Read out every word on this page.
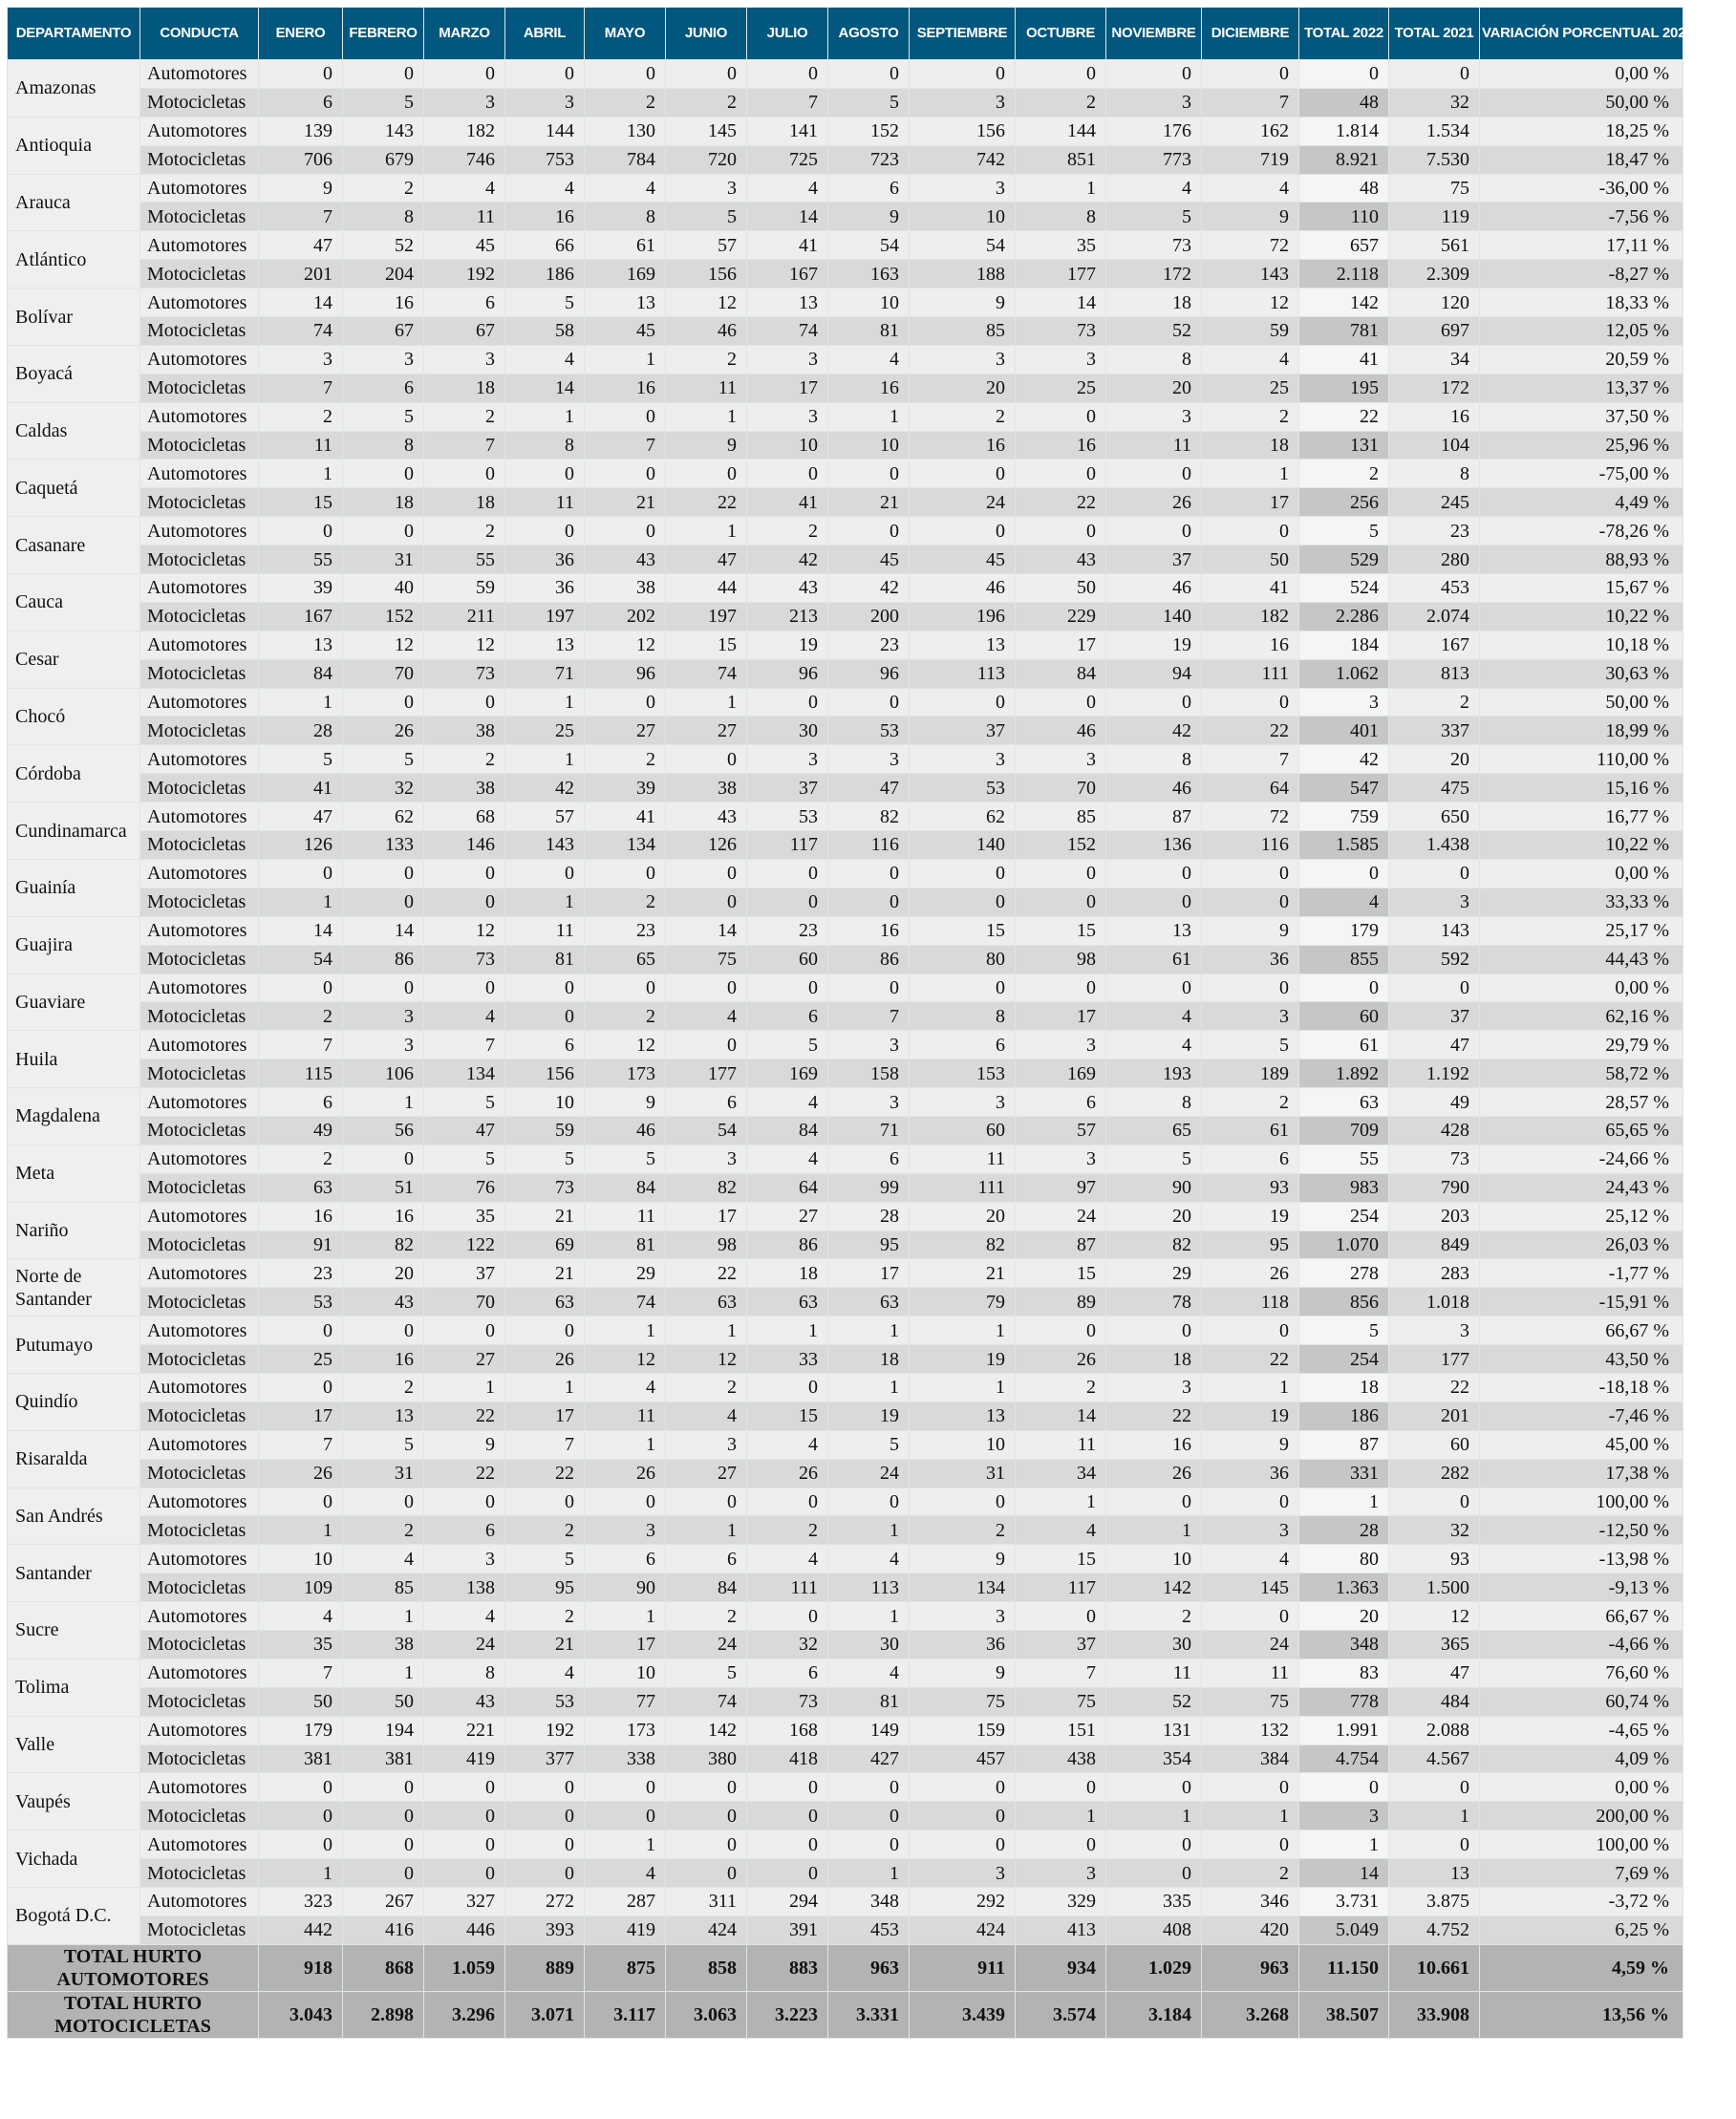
DEPARTAMENTO	CONDUCTA	ENERO	FEBRERO	MARZO	ABRIL	MAYO	JUNIO	JULIO	AGOSTO	SEPTIEMBRE	OCTUBRE	NOVIEMBRE	DICIEMBRE	TOTAL 2022	TOTAL 2021	VARIACIÓN PORCENTUAL 2022 - 2021
Amazonas	Automotores	0	0	0	0	0	0	0	0	0	0	0	0	0	0	0,00 %
	Motocicletas	6	5	3	3	2	2	7	5	3	2	3	7	48	32	50,00 %
Antioquia	Automotores	139	143	182	144	130	145	141	152	156	144	176	162	1.814	1.534	18,25 %
	Motocicletas	706	679	746	753	784	720	725	723	742	851	773	719	8.921	7.530	18,47 %
Arauca	Automotores	9	2	4	4	4	3	4	6	3	1	4	4	48	75	-36,00 %
	Motocicletas	7	8	11	16	8	5	14	9	10	8	5	9	110	119	-7,56 %
Atlántico	Automotores	47	52	45	66	61	57	41	54	54	35	73	72	657	561	17,11 %
	Motocicletas	201	204	192	186	169	156	167	163	188	177	172	143	2.118	2.309	-8,27 %
Bolívar	Automotores	14	16	6	5	13	12	13	10	9	14	18	12	142	120	18,33 %
	Motocicletas	74	67	67	58	45	46	74	81	85	73	52	59	781	697	12,05 %
Boyacá	Automotores	3	3	3	4	1	2	3	4	3	3	8	4	41	34	20,59 %
	Motocicletas	7	6	18	14	16	11	17	16	20	25	20	25	195	172	13,37 %
Caldas	Automotores	2	5	2	1	0	1	3	1	2	0	3	2	22	16	37,50 %
	Motocicletas	11	8	7	8	7	9	10	10	16	16	11	18	131	104	25,96 %
Caquetá	Automotores	1	0	0	0	0	0	0	0	0	0	0	1	2	8	-75,00 %
	Motocicletas	15	18	18	11	21	22	41	21	24	22	26	17	256	245	4,49 %
Casanare	Automotores	0	0	2	0	0	1	2	0	0	0	0	0	5	23	-78,26 %
	Motocicletas	55	31	55	36	43	47	42	45	45	43	37	50	529	280	88,93 %
Cauca	Automotores	39	40	59	36	38	44	43	42	46	50	46	41	524	453	15,67 %
	Motocicletas	167	152	211	197	202	197	213	200	196	229	140	182	2.286	2.074	10,22 %
Cesar	Automotores	13	12	12	13	12	15	19	23	13	17	19	16	184	167	10,18 %
	Motocicletas	84	70	73	71	96	74	96	96	113	84	94	111	1.062	813	30,63 %
Chocó	Automotores	1	0	0	1	0	1	0	0	0	0	0	0	3	2	50,00 %
	Motocicletas	28	26	38	25	27	27	30	53	37	46	42	22	401	337	18,99 %
Córdoba	Automotores	5	5	2	1	2	0	3	3	3	3	8	7	42	20	110,00 %
	Motocicletas	41	32	38	42	39	38	37	47	53	70	46	64	547	475	15,16 %
Cundinamarca	Automotores	47	62	68	57	41	43	53	82	62	85	87	72	759	650	16,77 %
	Motocicletas	126	133	146	143	134	126	117	116	140	152	136	116	1.585	1.438	10,22 %
Guainía	Automotores	0	0	0	0	0	0	0	0	0	0	0	0	0	0	0,00 %
	Motocicletas	1	0	0	1	2	0	0	0	0	0	0	0	4	3	33,33 %
Guajira	Automotores	14	14	12	11	23	14	23	16	15	15	13	9	179	143	25,17 %
	Motocicletas	54	86	73	81	65	75	60	86	80	98	61	36	855	592	44,43 %
Guaviare	Automotores	0	0	0	0	0	0	0	0	0	0	0	0	0	0	0,00 %
	Motocicletas	2	3	4	0	2	4	6	7	8	17	4	3	60	37	62,16 %
Huila	Automotores	7	3	7	6	12	0	5	3	6	3	4	5	61	47	29,79 %
	Motocicletas	115	106	134	156	173	177	169	158	153	169	193	189	1.892	1.192	58,72 %
Magdalena	Automotores	6	1	5	10	9	6	4	3	3	6	8	2	63	49	28,57 %
	Motocicletas	49	56	47	59	46	54	84	71	60	57	65	61	709	428	65,65 %
Meta	Automotores	2	0	5	5	5	3	4	6	11	3	5	6	55	73	-24,66 %
	Motocicletas	63	51	76	73	84	82	64	99	111	97	90	93	983	790	24,43 %
Nariño	Automotores	16	16	35	21	11	17	27	28	20	24	20	19	254	203	25,12 %
	Motocicletas	91	82	122	69	81	98	86	95	82	87	82	95	1.070	849	26,03 %
Norte de Santander	Automotores	23	20	37	21	29	22	18	17	21	15	29	26	278	283	-1,77 %
	Motocicletas	53	43	70	63	74	63	63	63	79	89	78	118	856	1.018	-15,91 %
Putumayo	Automotores	0	0	0	0	1	1	1	1	1	0	0	0	5	3	66,67 %
	Motocicletas	25	16	27	26	12	12	33	18	19	26	18	22	254	177	43,50 %
Quindío	Automotores	0	2	1	1	4	2	0	1	1	2	3	1	18	22	-18,18 %
	Motocicletas	17	13	22	17	11	4	15	19	13	14	22	19	186	201	-7,46 %
Risaralda	Automotores	7	5	9	7	1	3	4	5	10	11	16	9	87	60	45,00 %
	Motocicletas	26	31	22	22	26	27	26	24	31	34	26	36	331	282	17,38 %
San Andrés	Automotores	0	0	0	0	0	0	0	0	0	1	0	0	1	0	100,00 %
	Motocicletas	1	2	6	2	3	1	2	1	2	4	1	3	28	32	-12,50 %
Santander	Automotores	10	4	3	5	6	6	4	4	9	15	10	4	80	93	-13,98 %
	Motocicletas	109	85	138	95	90	84	111	113	134	117	142	145	1.363	1.500	-9,13 %
Sucre	Automotores	4	1	4	2	1	2	0	1	3	0	2	0	20	12	66,67 %
	Motocicletas	35	38	24	21	17	24	32	30	36	37	30	24	348	365	-4,66 %
Tolima	Automotores	7	1	8	4	10	5	6	4	9	7	11	11	83	47	76,60 %
	Motocicletas	50	50	43	53	77	74	73	81	75	75	52	75	778	484	60,74 %
Valle	Automotores	179	194	221	192	173	142	168	149	159	151	131	132	1.991	2.088	-4,65 %
	Motocicletas	381	381	419	377	338	380	418	427	457	438	354	384	4.754	4.567	4,09 %
Vaupés	Automotores	0	0	0	0	0	0	0	0	0	0	0	0	0	0	0,00 %
	Motocicletas	0	0	0	0	0	0	0	0	0	1	1	1	3	1	200,00 %
Vichada	Automotores	0	0	0	0	1	0	0	0	0	0	0	0	1	0	100,00 %
	Motocicletas	1	0	0	0	4	0	0	1	3	3	0	2	14	13	7,69 %
Bogotá D.C.	Automotores	323	267	327	272	287	311	294	348	292	329	335	346	3.731	3.875	-3,72 %
	Motocicletas	442	416	446	393	419	424	391	453	424	413	408	420	5.049	4.752	6,25 %
TOTAL HURTO AUTOMOTORES		918	868	1.059	889	875	858	883	963	911	934	1.029	963	11.150	10.661	4,59 %
TOTAL HURTO MOTOCICLETAS		3.043	2.898	3.296	3.071	3.117	3.063	3.223	3.331	3.439	3.574	3.184	3.268	38.507	33.908	13,56 %
